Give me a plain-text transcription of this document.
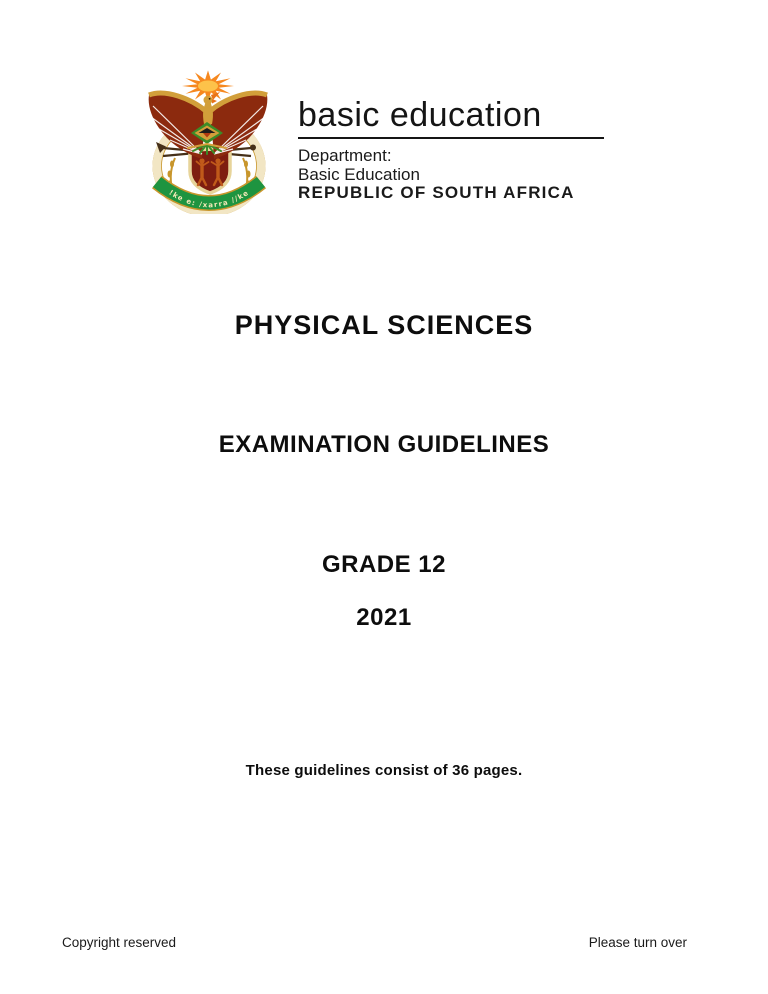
!ke e: /xarra //ke
basic education
Department:
Basic Education
REPUBLIC OF SOUTH AFRICA
PHYSICAL SCIENCES
EXAMINATION GUIDELINES
GRADE 12
2021
These guidelines consist of 36 pages.
Copyright reserved	Please turn over
